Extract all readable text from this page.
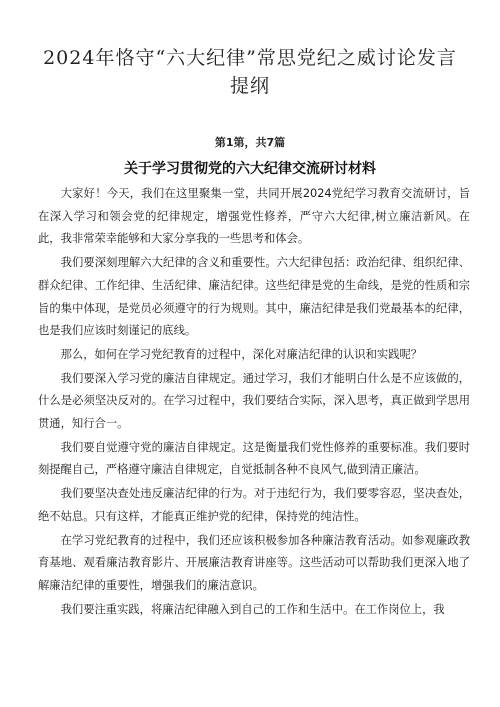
2024年恪守“六大纪律”常思党纪之威讨论发言提纲
第1第，共7篇
关于学习贯彻党的六大纪律交流研讨材料

大家好！今天，我们在这里聚集一堂，共同开展2024党纪学习教育交流研讨，旨在深入学习和领会党的纪律规定，增强党性修养，严守六大纪律,树立廉洁新风。在此，我非常荣幸能够和大家分享我的一些思考和体会。

我们要深刻理解六大纪律的含义和重要性。六大纪律包括：政治纪律、组织纪律、群众纪律、工作纪律、生活纪律、廉洁纪律。这些纪律是党的生命线，是党的性质和宗旨的集中体现，是党员必须遵守的行为规则。其中，廉洁纪律是我们党最基本的纪律，也是我们应该时刻谨记的底线。

那么，如何在学习党纪教育的过程中，深化对廉洁纪律的认识和实践呢？

我们要深入学习党的廉洁自律规定。通过学习，我们才能明白什么是不应该做的，什么是必须坚决反对的。在学习过程中，我们要结合实际，深入思考，真正做到学思用贯通，知行合一。

我们要自觉遵守党的廉洁自律规定。这是衡量我们党性修养的重要标准。我们要时刻提醒自己，严格遵守廉洁自律规定，自觉抵制各种不良风气,做到清正廉洁。

我们要坚决查处违反廉洁纪律的行为。对于违纪行为，我们要零容忍，坚决查处，绝不姑息。只有这样，才能真正维护党的纪律，保持党的纯洁性。

在学习党纪教育的过程中，我们还应该积极参加各种廉洁教育活动。如参观廉政教育基地、观看廉洁教育影片、开展廉洁教育讲座等。这些活动可以帮助我们更深入地了解廉洁纪律的重要性，增强我们的廉洁意识。

我们要注重实践，将廉洁纪律融入到自己的工作和生活中。在工作岗位上，我
